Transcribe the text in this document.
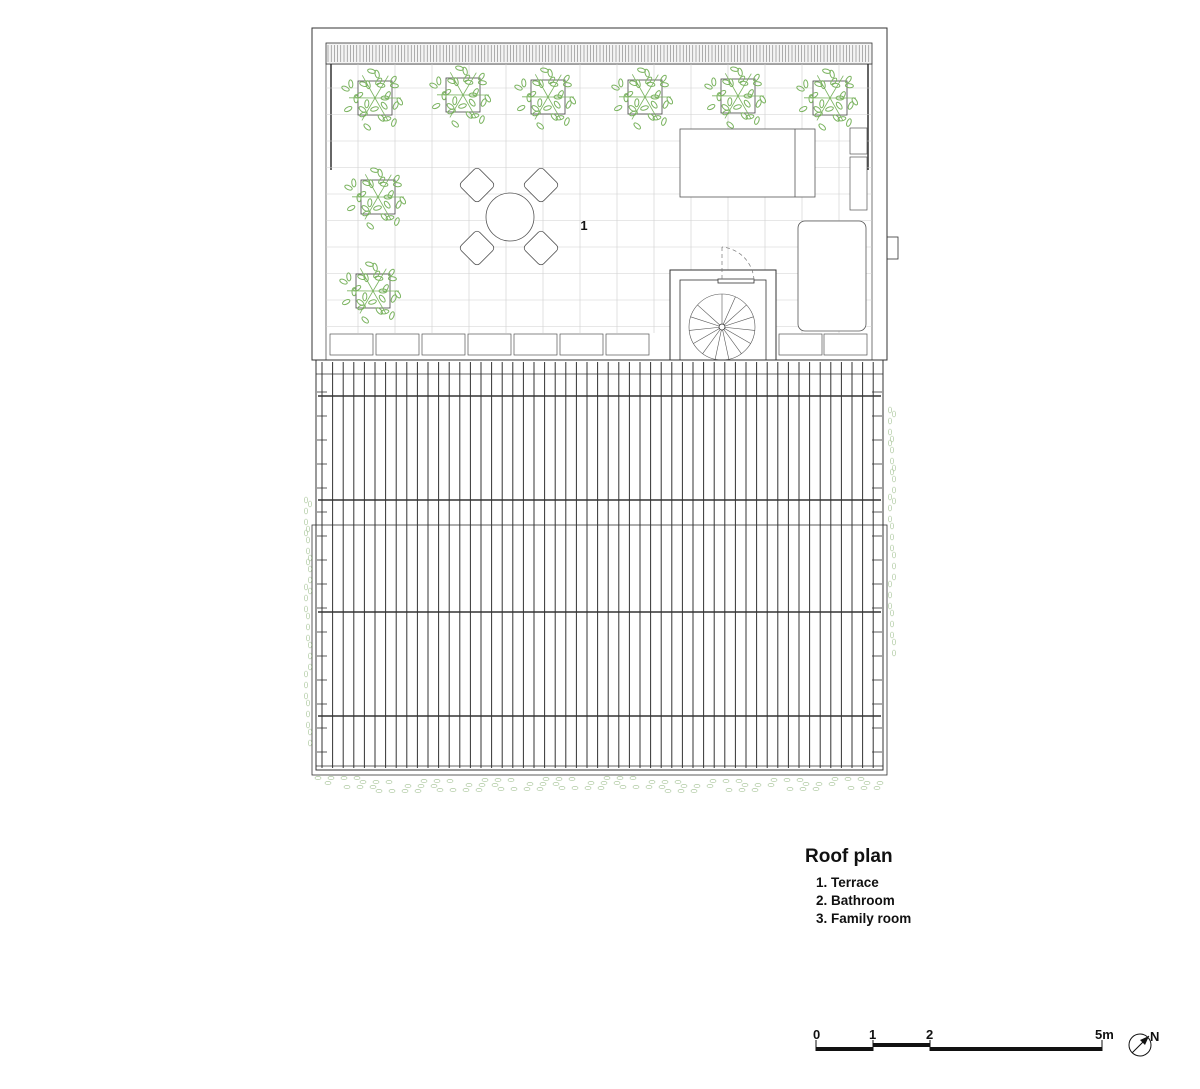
1
Roof plan
1. Terrace
2. Bathroom
3. Family room
0	1	2	5m	N
